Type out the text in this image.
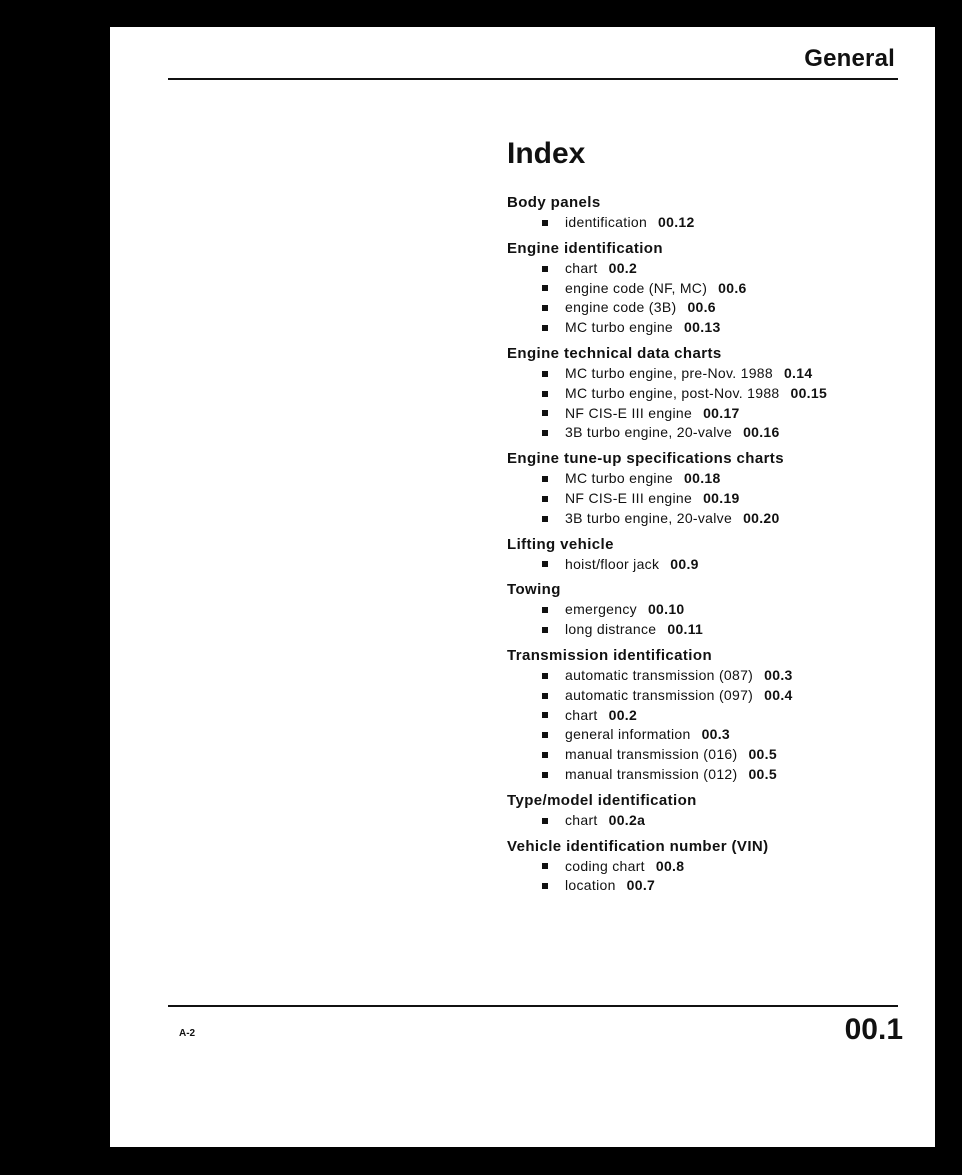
General
Index
Body panels
identification 00.12
Engine identification
chart 00.2
engine code (NF, MC) 00.6
engine code (3B) 00.6
MC turbo engine 00.13
Engine technical data charts
MC turbo engine, pre-Nov. 1988 0.14
MC turbo engine, post-Nov. 1988 00.15
NF CIS-E III engine 00.17
3B turbo engine, 20-valve 00.16
Engine tune-up specifications charts
MC turbo engine 00.18
NF CIS-E III engine 00.19
3B turbo engine, 20-valve 00.20
Lifting vehicle
hoist/floor jack 00.9
Towing
emergency 00.10
long distrance 00.11
Transmission identification
automatic transmission (087) 00.3
automatic transmission (097) 00.4
chart 00.2
general information 00.3
manual transmission (016) 00.5
manual transmission (012) 00.5
Type/model identification
chart 00.2a
Vehicle identification number (VIN)
coding chart 00.8
location 00.7
A-2	00.1
